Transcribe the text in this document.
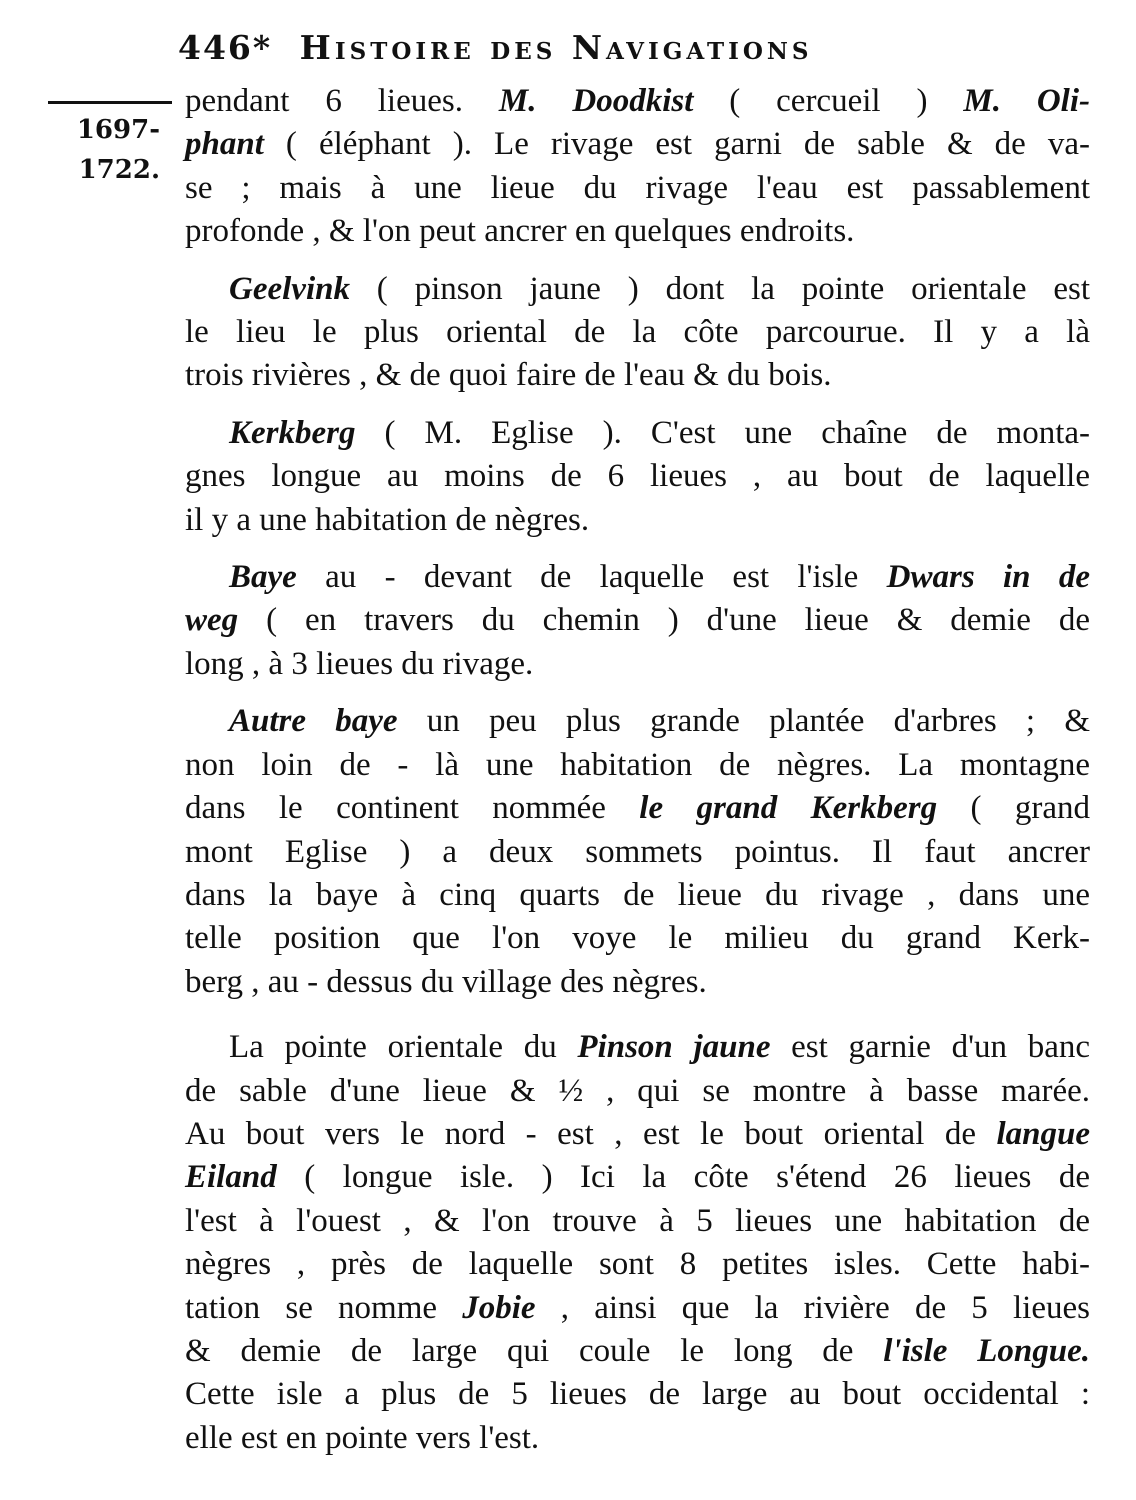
446* Histoire des Navigations
1697-
1722.
pendant 6 lieues. M. Doodkist ( cercueil ) M. Oli-
phant ( éléphant ). Le rivage est garni de sable & de va-
se ; mais à une lieue du rivage l'eau est passablement
profonde , & l'on peut ancrer en quelques endroits.
Geelvink ( pinson jaune ) dont la pointe orientale est
le lieu le plus oriental de la côte parcourue. Il y a là
trois rivières , & de quoi faire de l'eau & du bois.
Kerkberg ( M. Eglise ). C'est une chaîne de monta-
gnes longue au moins de 6 lieues , au bout de laquelle
il y a une habitation de nègres.
Baye au - devant de laquelle est l'isle Dwars in de
weg ( en travers du chemin ) d'une lieue & demie de
long , à 3 lieues du rivage.
Autre baye un peu plus grande plantée d'arbres ; &
non loin de - là une habitation de nègres. La montagne
dans le continent nommée le grand Kerkberg ( grand
mont Eglise ) a deux sommets pointus. Il faut ancrer
dans la baye à cinq quarts de lieue du rivage , dans une
telle position que l'on voye le milieu du grand Kerk-
berg , au - dessus du village des nègres.
La pointe orientale du Pinson jaune est garnie d'un banc
de sable d'une lieue & ½ , qui se montre à basse marée.
Au bout vers le nord - est , est le bout oriental de langue
Eiland ( longue isle. ) Ici la côte s'étend 26 lieues de
l'est à l'ouest , & l'on trouve à 5 lieues une habitation de
nègres , près de laquelle sont 8 petites isles. Cette habi-
tation se nomme Jobie , ainsi que la rivière de 5 lieues
& demie de large qui coule le long de l'isle Longue.
Cette isle a plus de 5 lieues de large au bout occidental :
elle est en pointe vers l'est.
